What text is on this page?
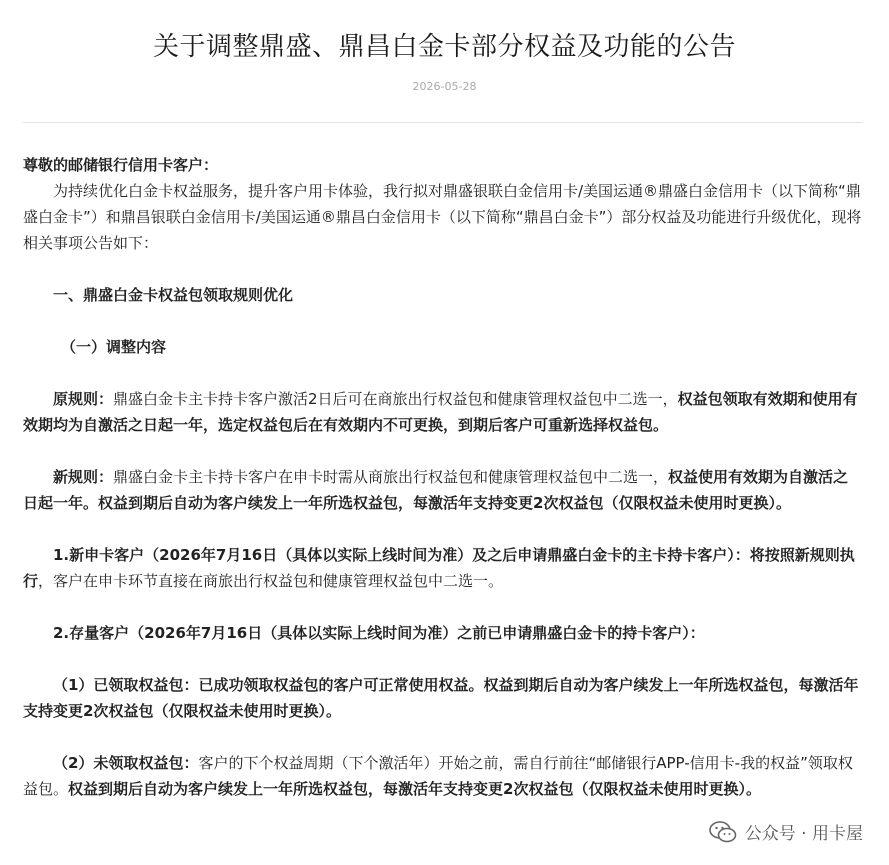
关于调整鼎盛、鼎昌白金卡部分权益及功能的公告
2026-05-28

尊敬的邮储银行信用卡客户：

为持续优化白金卡权益服务，提升客户用卡体验，我行拟对鼎盛银联白金信用卡/美国运通®鼎盛白金信用卡（以下简称“鼎盛白金卡”）和鼎昌银联白金信用卡/美国运通®鼎昌白金信用卡（以下简称“鼎昌白金卡”）部分权益及功能进行升级优化，现将相关事项公告如下：

一、鼎盛白金卡权益包领取规则优化

（一）调整内容

原规则：鼎盛白金卡主卡持卡客户激活2日后可在商旅出行权益包和健康管理权益包中二选一，权益包领取有效期和使用有效期均为自激活之日起一年，选定权益包后在有效期内不可更换，到期后客户可重新选择权益包。

新规则：鼎盛白金卡主卡持卡客户在申卡时需从商旅出行权益包和健康管理权益包中二选一，权益使用有效期为自激活之日起一年。权益到期后自动为客户续发上一年所选权益包，每激活年支持变更2次权益包（仅限权益未使用时更换）。

1.新申卡客户（2026年7月16日（具体以实际上线时间为准）及之后申请鼎盛白金卡的主卡持卡客户）：将按照新规则执行，客户在申卡环节直接在商旅出行权益包和健康管理权益包中二选一。

2.存量客户（2026年7月16日（具体以实际上线时间为准）之前已申请鼎盛白金卡的持卡客户）：

（1）已领取权益包：已成功领取权益包的客户可正常使用权益。权益到期后自动为客户续发上一年所选权益包，每激活年支持变更2次权益包（仅限权益未使用时更换）。

（2）未领取权益包：客户的下个权益周期（下个激活年）开始之前，需自行前往“邮储银行APP-信用卡-我的权益”领取权益包。权益到期后自动为客户续发上一年所选权益包，每激活年支持变更2次权益包（仅限权益未使用时更换）。

公众号 · 用卡屋
